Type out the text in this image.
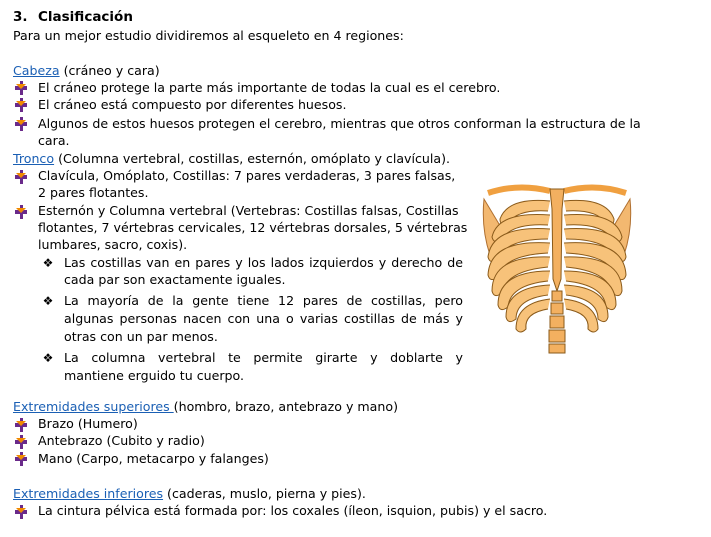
3. Clasificación
Para un mejor estudio dividiremos al esqueleto en 4 regiones:
Cabeza (cráneo y cara)
El cráneo protege la parte más importante de todas la cual es el cerebro.
El cráneo está compuesto por diferentes huesos.
Algunos de estos huesos protegen el cerebro, mientras que otros conforman la estructura de la
cara.
Tronco (Columna vertebral, costillas, esternón, omóplato y clavícula).
Clavícula, Omóplato, Costillas: 7 pares verdaderas, 3 pares falsas,
2 pares flotantes.
Esternón y Columna vertebral (Vertebras: Costillas falsas, Costillas
flotantes, 7 vértebras cervicales, 12 vértebras dorsales, 5 vértebras
lumbares, sacro, coxis).
❖ Las costillas van en pares y los lados izquierdos y derecho de
cada par son exactamente iguales.
❖ La mayoría de la gente tiene 12 pares de costillas, pero
algunas personas nacen con una o varias costillas de más y
otras con un par menos.
❖ La columna vertebral te permite girarte y doblarte y
mantiene erguido tu cuerpo.
Extremidades superiores (hombro, brazo, antebrazo y mano)
Brazo (Humero)
Antebrazo (Cubito y radio)
Mano (Carpo, metacarpo y falanges)
Extremidades inferiores (caderas, muslo, pierna y pies).
La cintura pélvica está formada por: los coxales (íleon, isquion, pubis) y el sacro.
